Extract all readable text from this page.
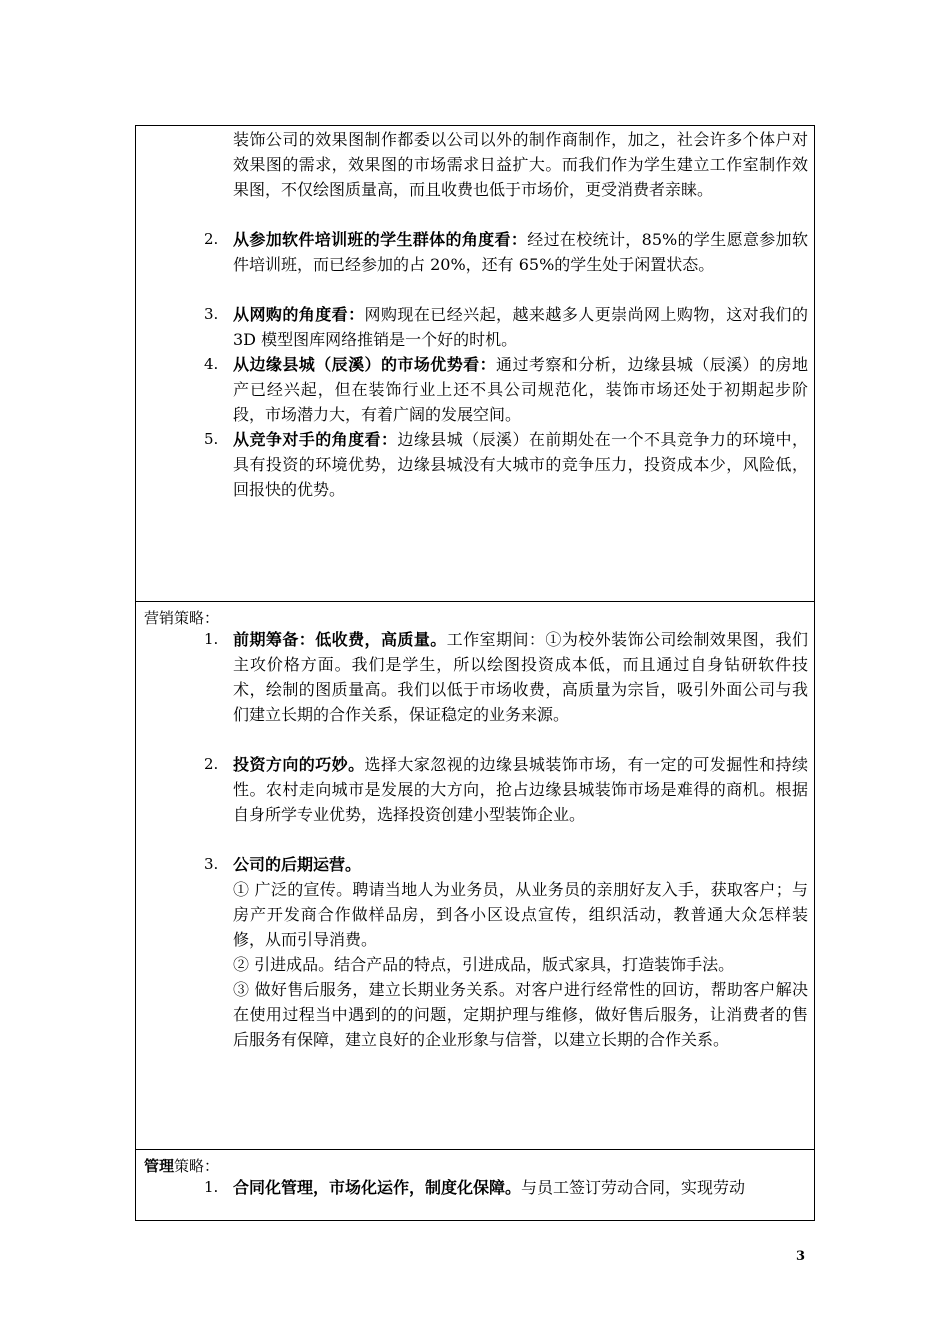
装饰公司的效果图制作都委以公司以外的制作商制作，加之，社会许多个体户对效果图的需求，效果图的市场需求日益扩大。而我们作为学生建立工作室制作效果图，不仅绘图质量高，而且收费也低于市场价，更受消费者亲睐。
2. 从参加软件培训班的学生群体的角度看：经过在校统计，85%的学生愿意参加软件培训班，而已经参加的占 20%，还有 65%的学生处于闲置状态。
3. 从网购的角度看：网购现在已经兴起，越来越多人更崇尚网上购物，这对我们的 3D 模型图库网络推销是一个好的时机。
4. 从边缘县城（辰溪）的市场优势看：通过考察和分析，边缘县城（辰溪）的房地产已经兴起，但在装饰行业上还不具公司规范化，装饰市场还处于初期起步阶段，市场潜力大，有着广阔的发展空间。
5. 从竞争对手的角度看：边缘县城（辰溪）在前期处在一个不具竞争力的环境中，具有投资的环境优势，边缘县城没有大城市的竞争压力，投资成本少，风险低，回报快的优势。
营销策略：
1. 前期筹备：低收费，高质量。工作室期间：①为校外装饰公司绘制效果图，我们主攻价格方面。我们是学生，所以绘图投资成本低，而且通过自身钻研软件技术，绘制的图质量高。我们以低于市场收费，高质量为宗旨，吸引外面公司与我们建立长期的合作关系，保证稳定的业务来源。
2. 投资方向的巧妙。选择大家忽视的边缘县城装饰市场，有一定的可发掘性和持续性。农村走向城市是发展的大方向，抢占边缘县城装饰市场是难得的商机。根据自身所学专业优势，选择投资创建小型装饰企业。
3. 公司的后期运营。
① 广泛的宣传。聘请当地人为业务员，从业务员的亲朋好友入手，获取客户；与房产开发商合作做样品房，到各小区设点宣传，组织活动，教普通大众怎样装修，从而引导消费。
② 引进成品。结合产品的特点，引进成品，版式家具，打造装饰手法。
③ 做好售后服务，建立长期业务关系。对客户进行经常性的回访，帮助客户解决在使用过程当中遇到的的问题，定期护理与维修，做好售后服务，让消费者的售后服务有保障，建立良好的企业形象与信誉，以建立长期的合作关系。
管理策略：
1. 合同化管理，市场化运作，制度化保障。与员工签订劳动合同，实现劳动
3
